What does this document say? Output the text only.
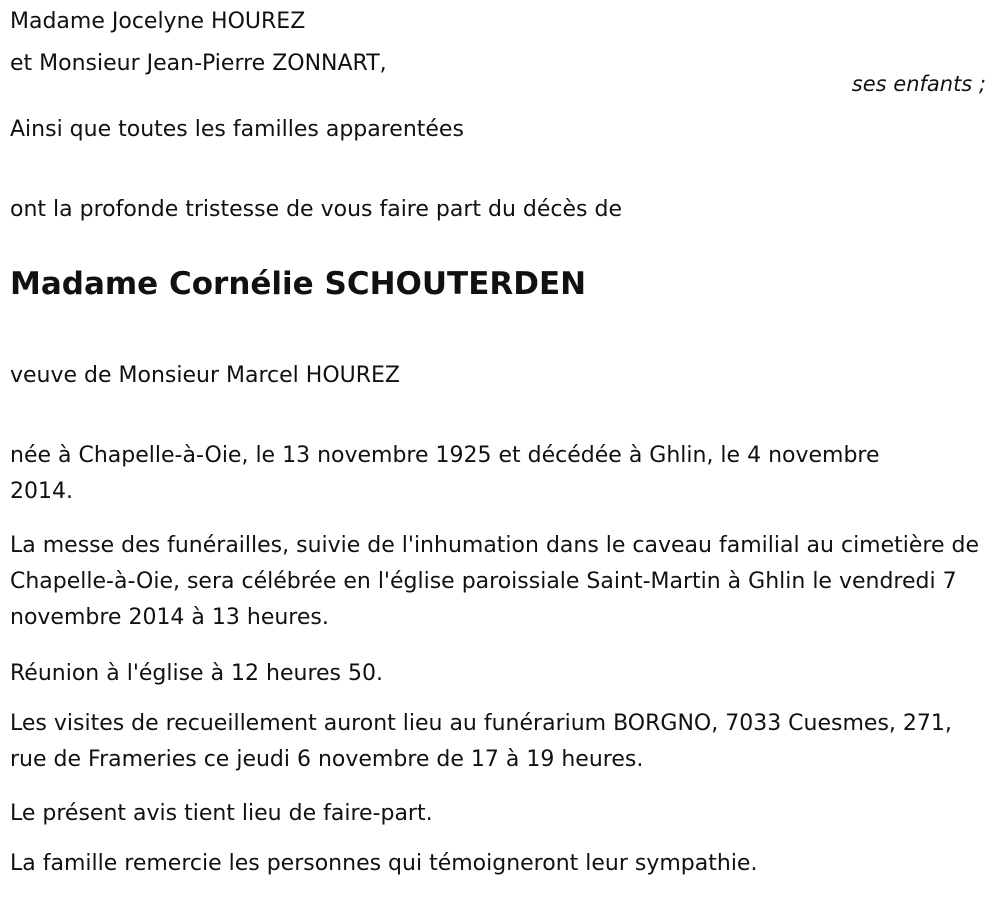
Madame Jocelyne HOUREZ

et Monsieur Jean-Pierre ZONNART,

ses enfants ;

Ainsi que toutes les familles apparentées

ont la profonde tristesse de vous faire part du décès de

Madame Cornélie SCHOUTERDEN

veuve de Monsieur Marcel HOUREZ

née à Chapelle-à-Oie, le 13 novembre 1925 et décédée à Ghlin, le 4 novembre 2014.

La messe des funérailles, suivie de l'inhumation dans le caveau familial au cimetière de Chapelle-à-Oie, sera célébrée en l'église paroissiale Saint-Martin à Ghlin le vendredi 7 novembre 2014 à 13 heures.

Réunion à l'église à 12 heures 50.

Les visites de recueillement auront lieu au funérarium BORGNO, 7033 Cuesmes, 271, rue de Frameries ce jeudi 6 novembre de 17 à 19 heures.

Le présent avis tient lieu de faire-part.

La famille remercie les personnes qui témoigneront leur sympathie.
